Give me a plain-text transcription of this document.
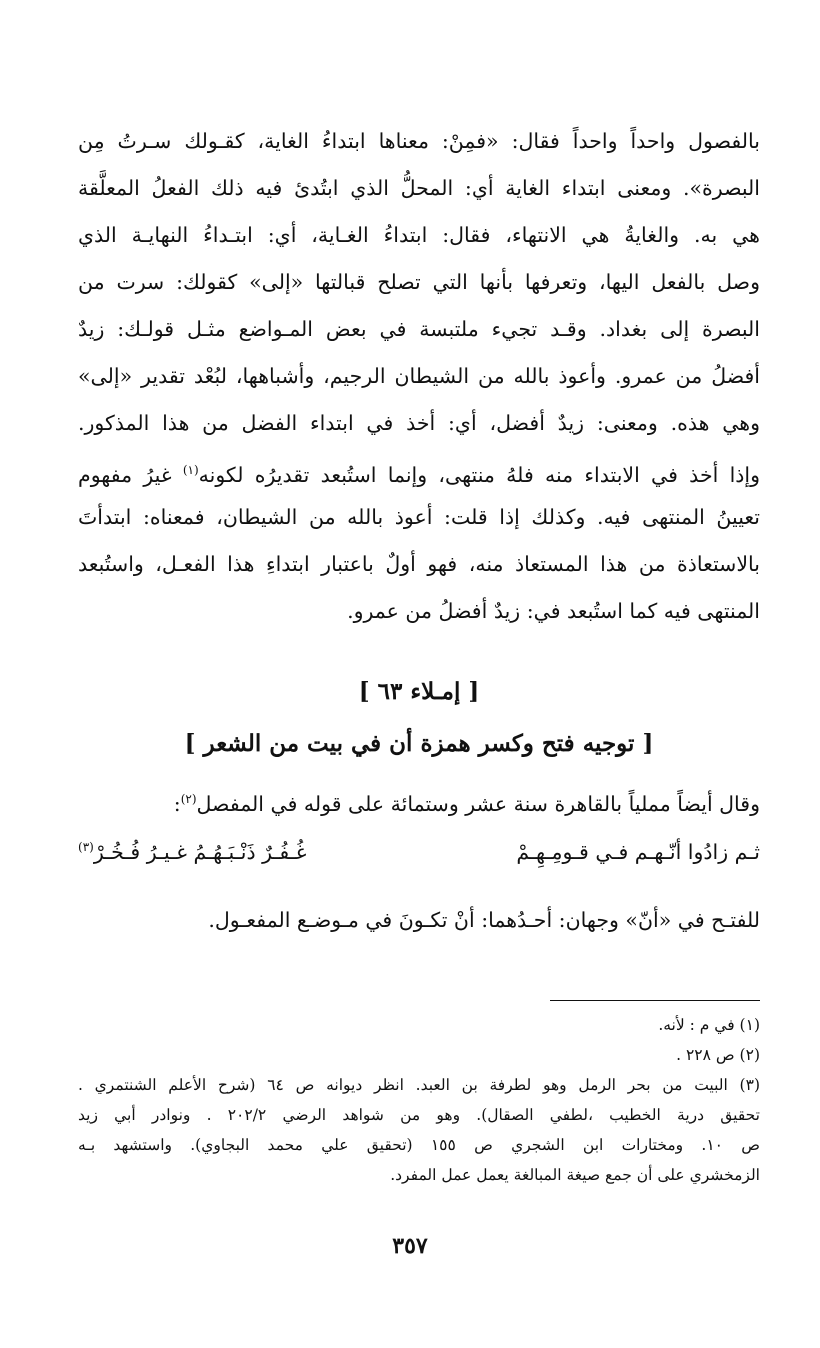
بالفصول واحداً واحداً فقال: «فمِنْ: معناها ابتداءُ الغاية، كقـولك سـرتُ مِن
البصرة». ومعنى ابتداء الغاية أي: المحلُّ الذي ابتُدئ فيه ذلك الفعلُ المعلَّقة
هي به. والغايةُ هي الانتهاء، فقال: ابتداءُ الغـاية، أي: ابتـداءُ النهايـة الذي
وصل بالفعل اليها، وتعرفها بأنها التي تصلح قبالتها «إلى» كقولك: سرت من
البصرة إلى بغداد. وقـد تجيء ملتبسة في بعض المـواضع مثـل قولـك: زيدٌ
أفضلُ من عمرو. وأعوذ بالله من الشيطان الرجيم، وأشباهها، لبُعْد تقدير «إلى»
وهي هذه. ومعنى: زيدٌ أفضل، أي: أخذ في ابتداء الفضل من هذا المذكور.
وإذا أخذ في الابتداء منه فلهُ منتهى، وإنما استُبعد تقديرُه لكونه$^{(١)}$ غيرُ مفهوم
تعيينُ المنتهى فيه. وكذلك إذا قلت: أعوذ بالله من الشيطان، فمعناه: ابتدأتَ
بالاستعاذة من هذا المستعاذ منه، فهو أولٌ باعتبار ابتداءِ هذا الفعـل، واستُبعد
المنتهى فيه كما استُبعد في: زيدٌ أفضلُ من عمرو.
[ إمـلاء ٦٣ ]
[ توجيه فتح وكسر همزة أن في بيت من الشعر ]
وقال أيضاً مملياً بالقاهرة سنة عشر وستمائة على قوله في المفصل$^{(٢)}$:
ثـم زادُوا أنّـهـم فـي قـومِـهِـمْ
غُـفُـرٌ ذَنْـبَـهُـمُ غـيـرُ فُـخُـرْ$^{(٣)}$
للفتـح في «أنّ» وجهان: أحـدُهما: أنْ تكـونَ في مـوضـع المفعـول.
(١) في م : لأنه.
(٢) ص ٢٢٨ .
(٣) البيت من بحر الرمل وهو لطرفة بن العبد. انظر ديوانه ص ٦٤ (شرح الأعلم الشنتمري .
تحقيق درية الخطيب ،لطفي الصقال). وهو من شواهد الرضي ٢٠٢/٢ . ونوادر أبي زيد
ص ١٠. ومختارات ابن الشجري ص ١٥٥ (تحقيق علي محمد البجاوي). واستشهد بـه
الزمخشري على أن جمع صيغة المبالغة يعمل عمل المفرد.
٣٥٧
